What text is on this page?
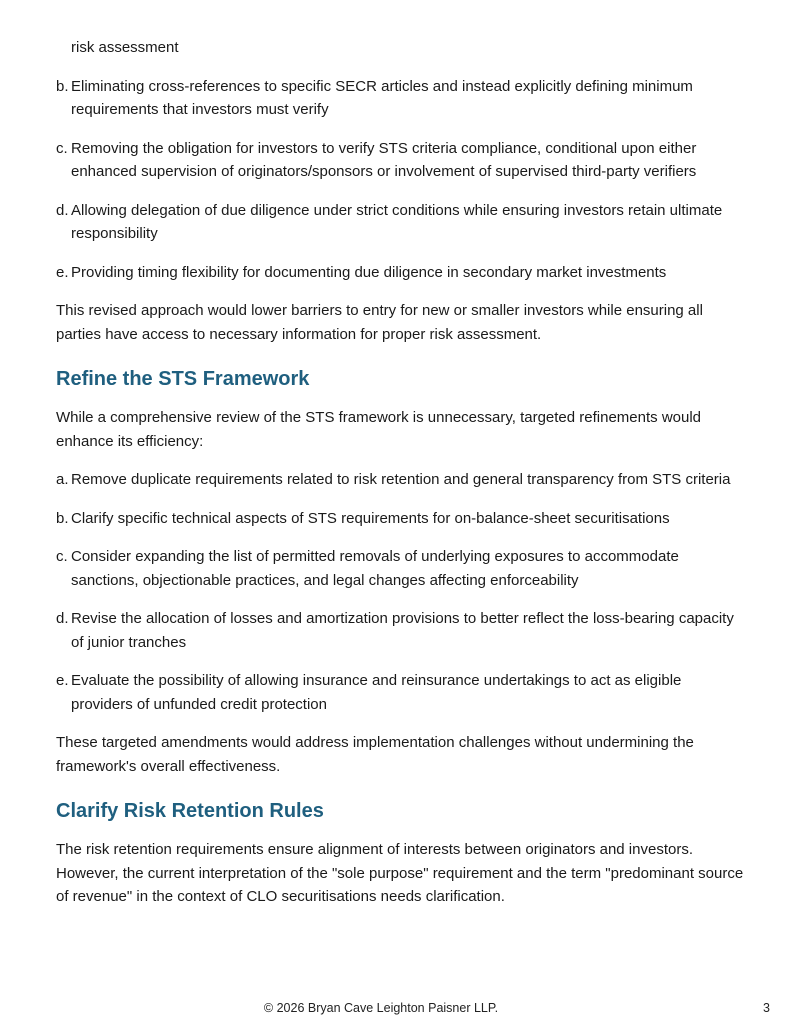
risk assessment
b. Eliminating cross-references to specific SECR articles and instead explicitly defining minimum requirements that investors must verify
c. Removing the obligation for investors to verify STS criteria compliance, conditional upon either enhanced supervision of originators/sponsors or involvement of supervised third-party verifiers
d. Allowing delegation of due diligence under strict conditions while ensuring investors retain ultimate responsibility
e. Providing timing flexibility for documenting due diligence in secondary market investments

This revised approach would lower barriers to entry for new or smaller investors while ensuring all parties have access to necessary information for proper risk assessment.

Refine the STS Framework

While a comprehensive review of the STS framework is unnecessary, targeted refinements would enhance its efficiency:

a. Remove duplicate requirements related to risk retention and general transparency from STS criteria
b. Clarify specific technical aspects of STS requirements for on-balance-sheet securitisations
c. Consider expanding the list of permitted removals of underlying exposures to accommodate sanctions, objectionable practices, and legal changes affecting enforceability
d. Revise the allocation of losses and amortization provisions to better reflect the loss-bearing capacity of junior tranches
e. Evaluate the possibility of allowing insurance and reinsurance undertakings to act as eligible providers of unfunded credit protection

These targeted amendments would address implementation challenges without undermining the framework's overall effectiveness.

Clarify Risk Retention Rules

The risk retention requirements ensure alignment of interests between originators and investors. However, the current interpretation of the "sole purpose" requirement and the term "predominant source of revenue" in the context of CLO securitisations needs clarification.

© 2026 Bryan Cave Leighton Paisner LLP.	3
